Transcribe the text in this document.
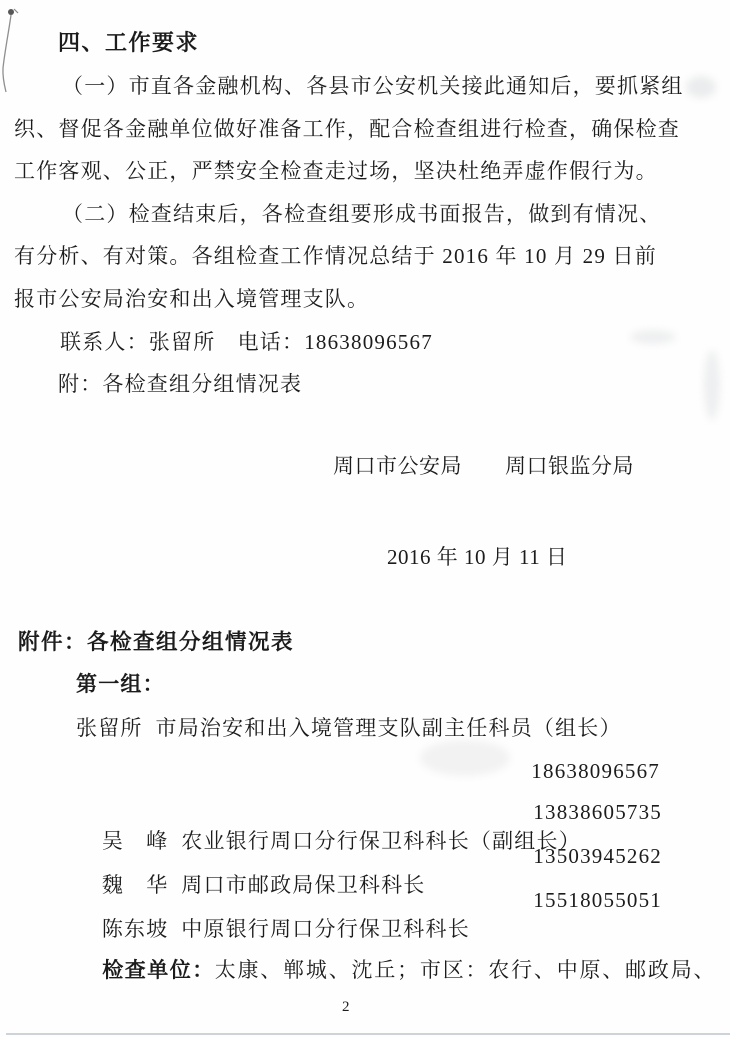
四、工作要求
（一）市直各金融机构、各县市公安机关接此通知后，要抓紧组
织、督促各金融单位做好准备工作，配合检查组进行检查，确保检查
工作客观、公正，严禁安全检查走过场，坚决杜绝弄虚作假行为。
（二）检查结束后，各检查组要形成书面报告，做到有情况、
有分析、有对策。各组检查工作情况总结于 2016 年 10 月 29 日前
报市公安局治安和出入境管理支队。
联系人：张留所　电话：18638096567
附：各检查组分组情况表
周口市公安局　　周口银监分局
2016 年 10 月 11 日
附件：各检查组分组情况表
第一组：
张留所  市局治安和出入境管理支队副主任科员（组长）
18638096567

吴　峰  农业银行周口分行保卫科科长（副组长）

13838605735

魏　华  周口市邮政局保卫科科长

13503945262

陈东坡  中原银行周口分行保卫科科长

15518055051

检查单位：太康、郸城、沈丘；市区：农行、中原、邮政局、

2
